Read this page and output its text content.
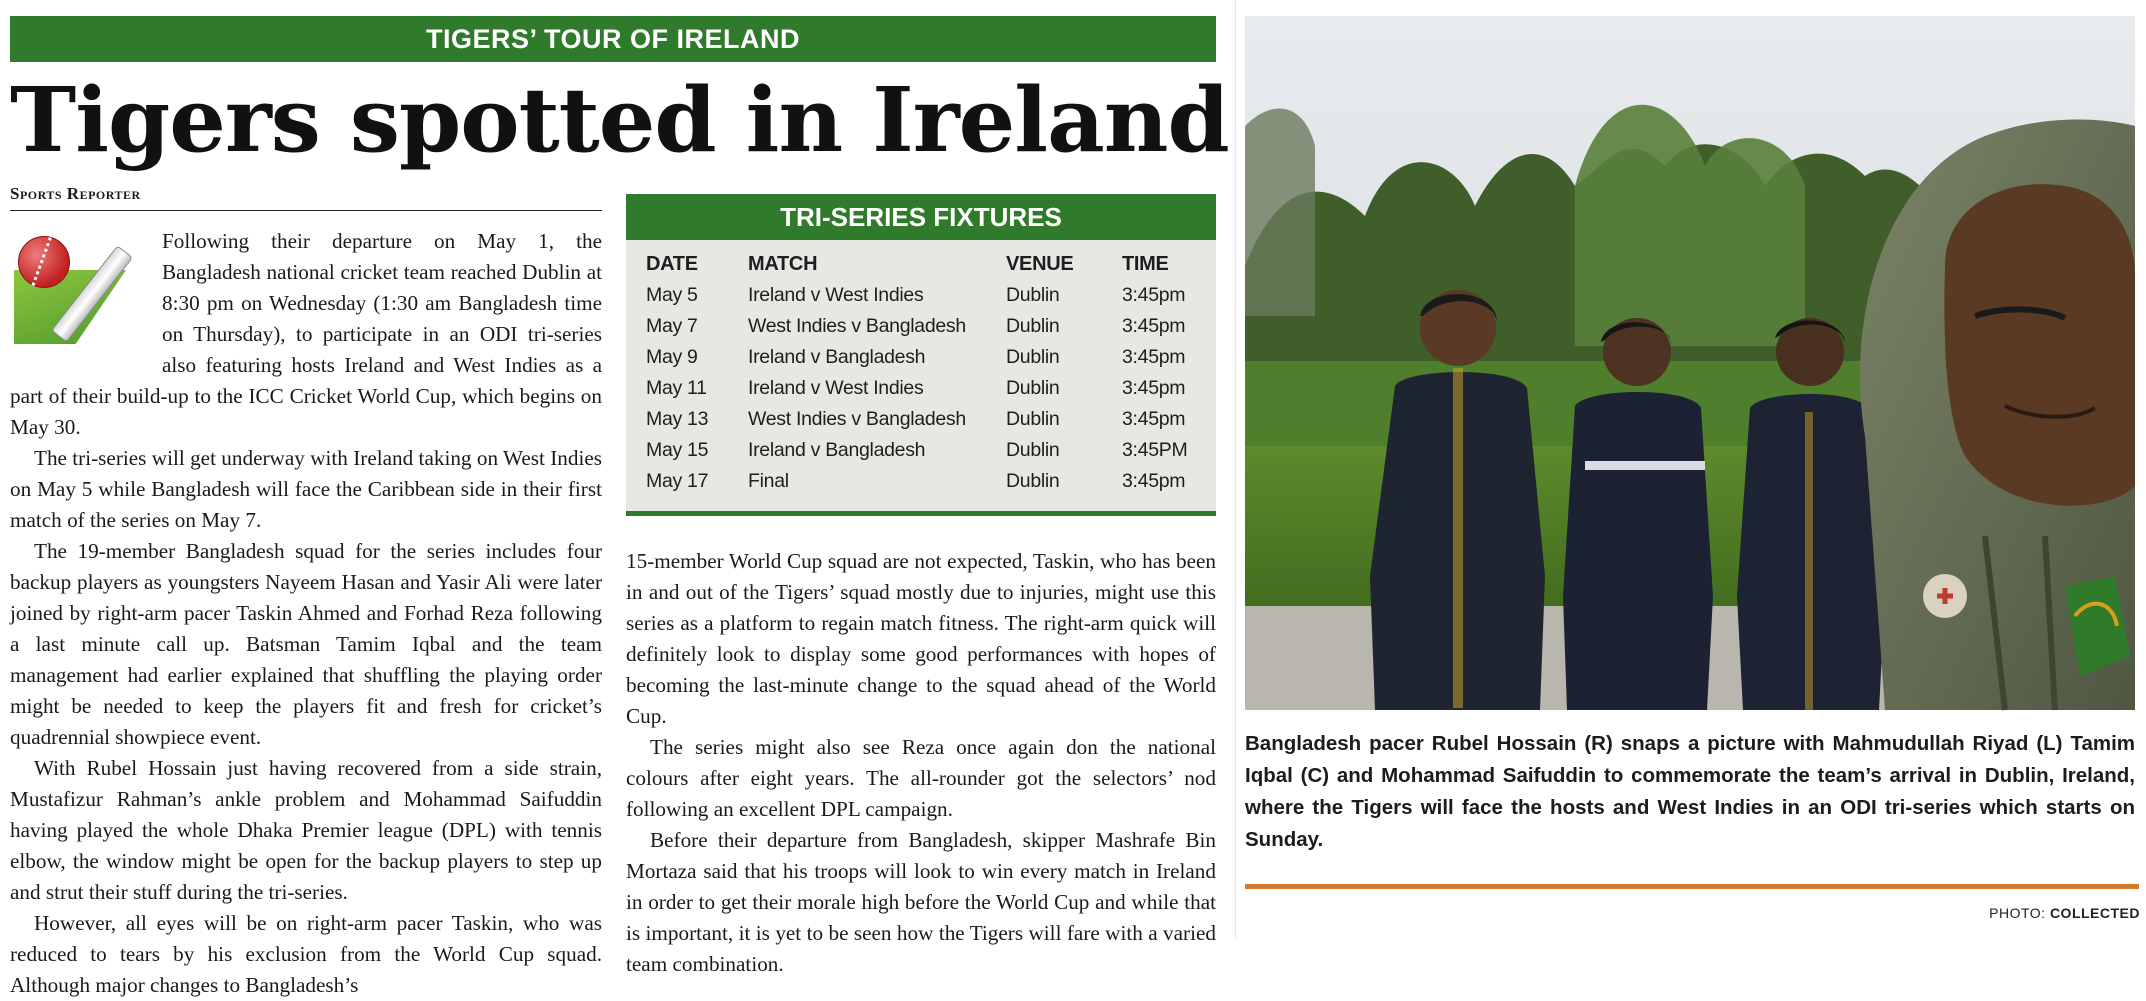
TIGERS’ TOUR OF IRELAND
Tigers spotted in Ireland
Sports Reporter

Following their departure on May 1, the Bangladesh national cricket team reached Dublin at 8:30 pm on Wednesday (1:30 am Bangladesh time on Thursday), to participate in an ODI tri-series also featuring hosts Ireland and West Indies as a part of their build-up to the ICC Cricket World Cup, which begins on May 30.

The tri-series will get underway with Ireland taking on West Indies on May 5 while Bangladesh will face the Caribbean side in their first match of the series on May 7.

The 19-member Bangladesh squad for the series includes four backup players as youngsters Nayeem Hasan and Yasir Ali were later joined by right-arm pacer Taskin Ahmed and Forhad Reza following a last minute call up. Batsman Tamim Iqbal and the team management had earlier explained that shuffling the playing order might be needed to keep the players fit and fresh for cricket’s quadrennial showpiece event.

With Rubel Hossain just having recovered from a side strain, Mustafizur Rahman’s ankle problem and Mohammad Saifuddin having played the whole Dhaka Premier league (DPL) with tennis elbow, the window might be open for the backup players to step up and strut their stuff during the tri-series.

However, all eyes will be on right-arm pacer Taskin, who was reduced to tears by his exclusion from the World Cup squad. Although major changes to Bangladesh’s

TRI-SERIES FIXTURES
DATE	MATCH	VENUE	TIME
May 5	Ireland v West Indies	Dublin	3:45pm
May 7	West Indies v Bangladesh	Dublin	3:45pm
May 9	Ireland v Bangladesh	Dublin	3:45pm
May 11	Ireland v West Indies	Dublin	3:45pm
May 13	West Indies v Bangladesh	Dublin	3:45pm
May 15	Ireland v Bangladesh	Dublin	3:45PM
May 17	Final	Dublin	3:45pm

15-member World Cup squad are not expected, Taskin, who has been in and out of the Tigers’ squad mostly due to injuries, might use this series as a platform to regain match fitness. The right-arm quick will definitely look to display some good performances with hopes of becoming the last-minute change to the squad ahead of the World Cup.

The series might also see Reza once again don the national colours after eight years. The all-rounder got the selectors’ nod following an excellent DPL campaign.

Before their departure from Bangladesh, skipper Mashrafe Bin Mortaza said that his troops will look to win every match in Ireland in order to get their morale high before the World Cup and while that is important, it is yet to be seen how the Tigers will fare with a varied team combination.

Bangladesh pacer Rubel Hossain (R) snaps a picture with Mahmudullah Riyad (L) Tamim Iqbal (C) and Mohammad Saifuddin to commemorate the team’s arrival in Dublin, Ireland, where the Tigers will face the hosts and West Indies in an ODI tri-series which starts on Sunday.
PHOTO: COLLECTED
